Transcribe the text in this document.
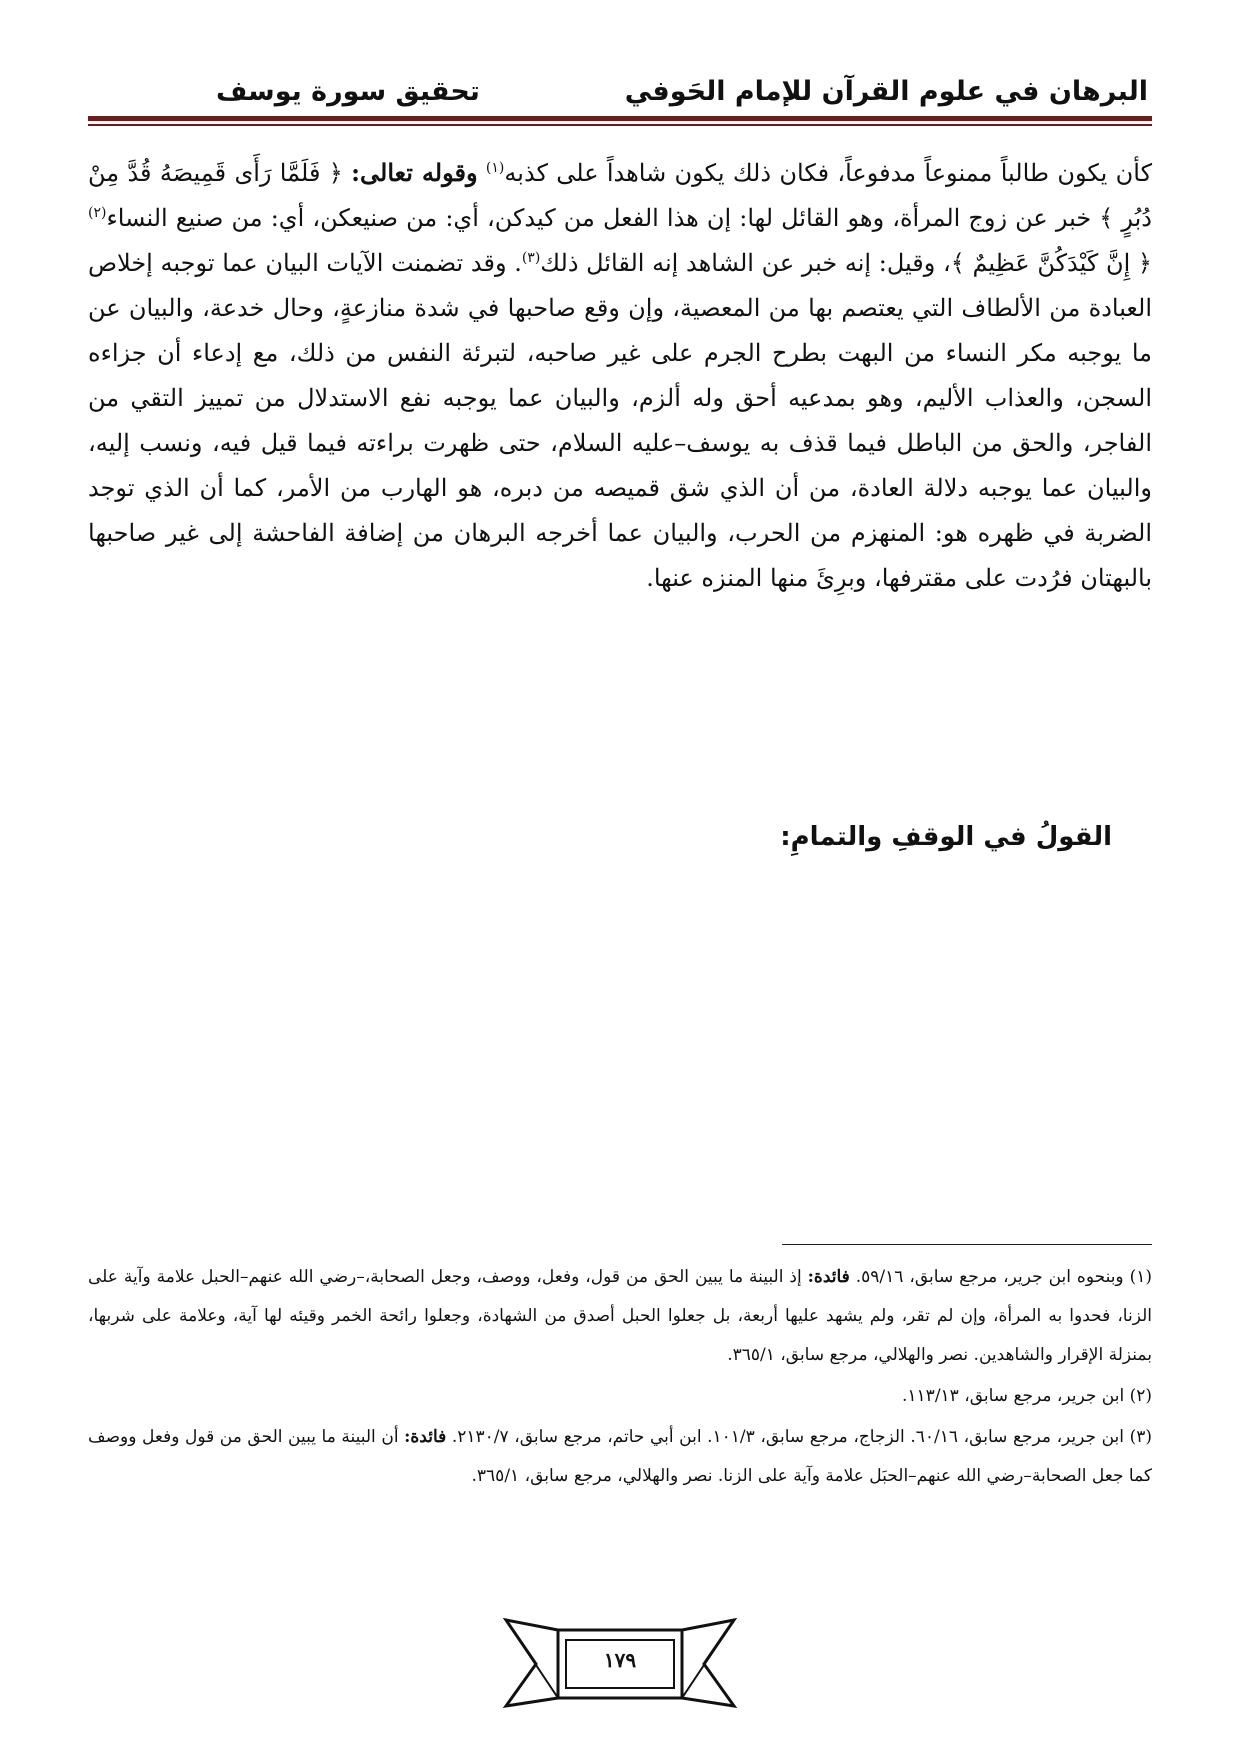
البرهان في علوم القرآن للإمام الحَوفي
تحقيق سورة يوسف

كأن يكون طالباً ممنوعاً مدفوعاً، فكان ذلك يكون شاهداً على كذبه$^{(١)}$ وقوله تعالى: ﴿ فَلَمَّا رَأَى قَمِيصَهُ قُدَّ مِنْ دُبُرٍ ﴾ خبر عن زوج المرأة، وهو القائل لها: إن هذا الفعل من كيدكن، أي: من صنيعكن، أي: من صنيع النساء$^{(٢)}$ ﴿ إِنَّ كَيْدَكُنَّ عَظِيمٌ ﴾، وقيل: إنه خبر عن الشاهد إنه القائل ذلك$^{(٣)}$. وقد تضمنت الآيات البيان عما توجبه إخلاص العبادة من الألطاف التي يعتصم بها من المعصية، وإن وقع صاحبها في شدة منازعةٍ، وحال خدعة، والبيان عن ما يوجبه مكر النساء من البهت بطرح الجرم على غير صاحبه، لتبرئة النفس من ذلك، مع إدعاء أن جزاءه السجن، والعذاب الأليم، وهو بمدعيه أحق وله ألزم، والبيان عما يوجبه نفع الاستدلال من تمييز التقي من الفاجر، والحق من الباطل فيما قذف به يوسف–عليه السلام، حتى ظهرت براءته فيما قيل فيه، ونسب إليه، والبيان عما يوجبه دلالة العادة، من أن الذي شق قميصه من دبره، هو الهارب من الأمر، كما أن الذي توجد الضربة في ظهره هو: المنهزم من الحرب، والبيان عما أخرجه البرهان من إضافة الفاحشة إلى غير صاحبها بالبهتان فرُدت على مقترفها، وبرِئَ منها المنزه عنها.

القولُ في الوقفِ والتمامِ:

(١) وبنحوه ابن جرير، مرجع سابق، ٥٩/١٦. فائدة: إذ البينة ما يبين الحق من قول، وفعل، ووصف، وجعل الصحابة،–رضي الله عنهم–الحبل علامة وآية على الزنا، فحدوا به المرأة، وإن لم تقر، ولم يشهد عليها أربعة، بل جعلوا الحبل أصدق من الشهادة، وجعلوا رائحة الخمر وقيئه لها آية، وعلامة على شربها، بمنزلة الإقرار والشاهدين. نصر والهلالي، مرجع سابق، ٣٦٥/١.

(٢) ابن جرير، مرجع سابق، ١١٣/١٣.

(٣) ابن جرير، مرجع سابق، ٦٠/١٦. الزجاج، مرجع سابق، ١٠١/٣. ابن أبي حاتم، مرجع سابق، ٢١٣٠/٧. فائدة: أن البينة ما يبين الحق من قول وفعل ووصف كما جعل الصحابة–رضي الله عنهم–الحبَل علامة وآية على الزنا. نصر والهلالي، مرجع سابق، ٣٦٥/١.

١٧٩
